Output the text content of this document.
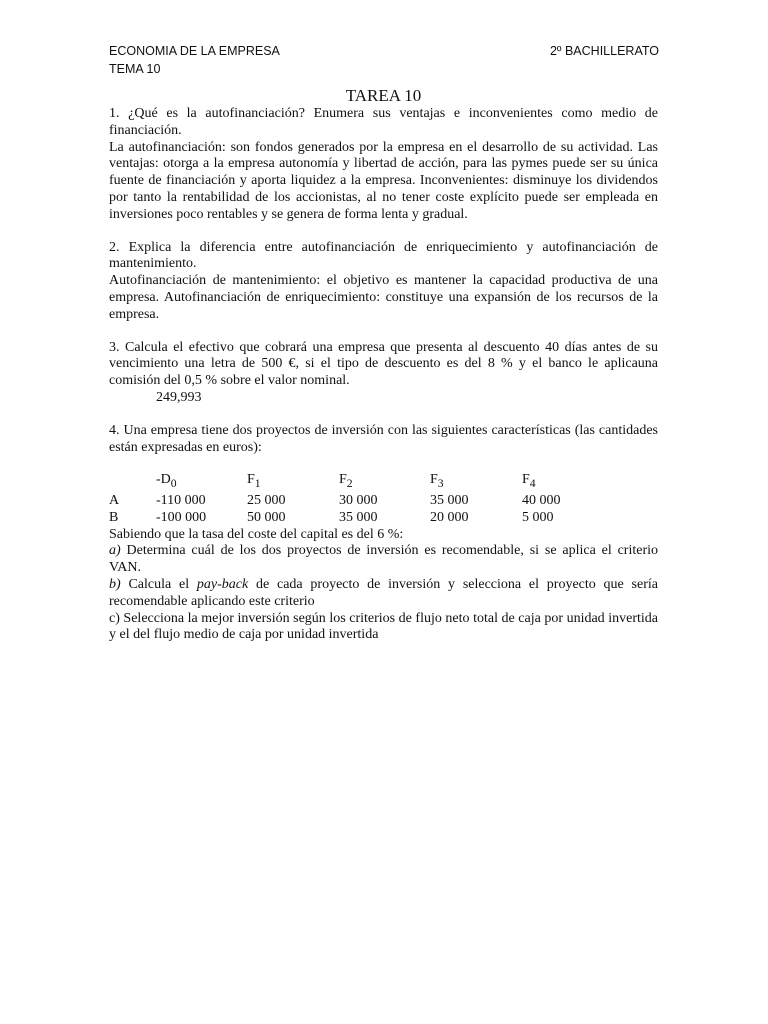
ECONOMIA DE LA EMPRESA	2º BACHILLERATO
TEMA 10
TAREA 10

1. ¿Qué es la autofinanciación? Enumera sus ventajas e inconvenientes como medio de financiación.

La autofinanciación: son fondos generados por la empresa en el desarrollo de su actividad. Las ventajas: otorga a la empresa autonomía y libertad de acción, para las pymes puede ser su única fuente de financiación y aporta liquidez a la empresa. Inconvenientes: disminuye los dividendos por tanto la rentabilidad de los accionistas, al no tener coste explícito puede ser empleada en inversiones poco rentables y se genera de forma lenta y gradual.

2. Explica la diferencia entre autofinanciación de enriquecimiento y autofinanciación de mantenimiento.

Autofinanciación de mantenimiento: el objetivo es mantener la capacidad productiva de una empresa. Autofinanciación de enriquecimiento: constituye una expansión de los recursos de la empresa.

3. Calcula el efectivo que cobrará una empresa que presenta al descuento 40 días antes de su vencimiento una letra de 500 €, si el tipo de descuento es del 8 % y el banco le aplicauna comisión del 0,5 % sobre el valor nominal.

249,993

4. Una empresa tiene dos proyectos de inversión con las siguientes características (las cantidades están expresadas en euros):

	$-D_0$	$F_1$	$F_2$	$F_3$	$F_4$
A	-110 000	25 000	30 000	35 000	40 000
B	-100 000	50 000	35 000	20 000	5 000

Sabiendo que la tasa del coste del capital es del 6 %:

a) Determina cuál de los dos proyectos de inversión es recomendable, si se aplica el criterio VAN.

b) Calcula el pay-back de cada proyecto de inversión y selecciona el proyecto que sería recomendable aplicando este criterio

c) Selecciona la mejor inversión según los criterios de flujo neto total de caja por unidad invertida y el del flujo medio de caja por unidad invertida
